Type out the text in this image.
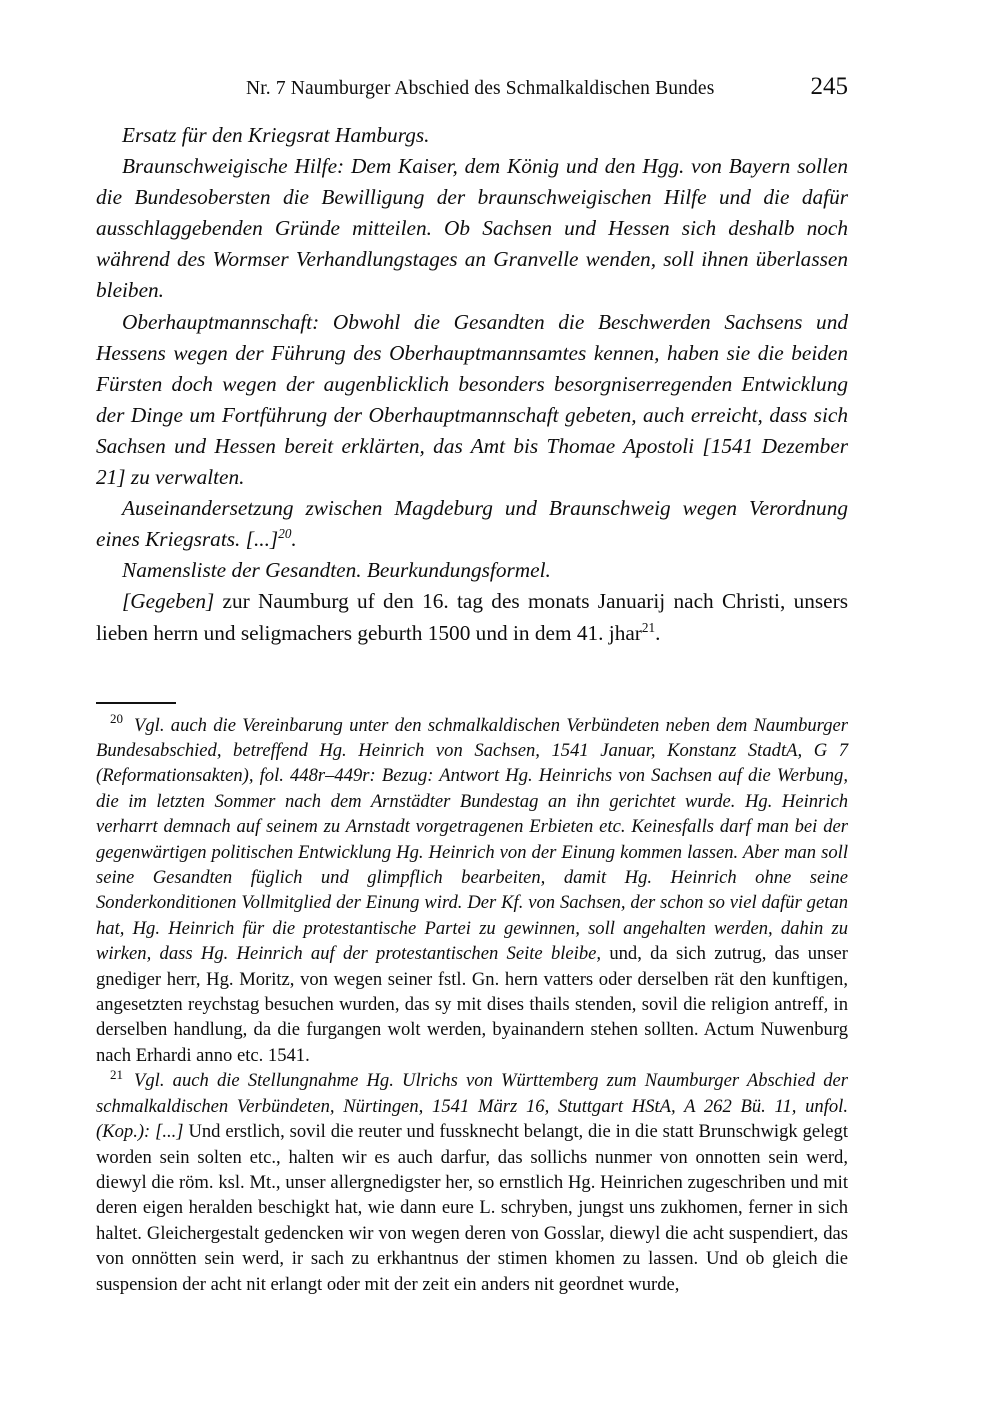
Nr. 7 Naumburger Abschied des Schmalkaldischen Bundes	245

Ersatz für den Kriegsrat Hamburgs.

Braunschweigische Hilfe: Dem Kaiser, dem König und den Hgg. von Bayern sollen die Bundesobersten die Bewilligung der braunschweigischen Hilfe und die dafür ausschlaggebenden Gründe mitteilen. Ob Sachsen und Hessen sich deshalb noch während des Wormser Verhandlungstages an Granvelle wenden, soll ihnen überlassen bleiben.

Oberhauptmannschaft: Obwohl die Gesandten die Beschwerden Sachsens und Hessens wegen der Führung des Oberhauptmannsamtes kennen, haben sie die beiden Fürsten doch wegen der augenblicklich besonders besorgniserregenden Entwicklung der Dinge um Fortführung der Oberhauptmannschaft gebeten, auch erreicht, dass sich Sachsen und Hessen bereit erklärten, das Amt bis Thomae Apostoli [1541 Dezember 21] zu verwalten.

Auseinandersetzung zwischen Magdeburg und Braunschweig wegen Verordnung eines Kriegsrats. [...]$^{20}$.

Namensliste der Gesandten. Beurkundungsformel.

[Gegeben] zur Naumburg uf den 16. tag des monats Januarij nach Christi, unsers lieben herrn und seligmachers geburth 1500 und in dem 41. jhar$^{21}$.

$^{20}$ Vgl. auch die Vereinbarung unter den schmalkaldischen Verbündeten neben dem Naumburger Bundesabschied, betreffend Hg. Heinrich von Sachsen, 1541 Januar, Konstanz StadtA, G 7 (Reformationsakten), fol. 448r–449r: Bezug: Antwort Hg. Heinrichs von Sachsen auf die Werbung, die im letzten Sommer nach dem Arnstädter Bundestag an ihn gerichtet wurde. Hg. Heinrich verharrt demnach auf seinem zu Arnstadt vorgetragenen Erbieten etc. Keinesfalls darf man bei der gegenwärtigen politischen Entwicklung Hg. Heinrich von der Einung kommen lassen. Aber man soll seine Gesandten füglich und glimpflich bearbeiten, damit Hg. Heinrich ohne seine Sonderkonditionen Vollmitglied der Einung wird. Der Kf. von Sachsen, der schon so viel dafür getan hat, Hg. Heinrich für die protestantische Partei zu gewinnen, soll angehalten werden, dahin zu wirken, dass Hg. Heinrich auf der protestantischen Seite bleibe, und, da sich zutrug, das unser gnediger herr, Hg. Moritz, von wegen seiner fstl. Gn. hern vatters oder derselben rät den kunftigen, angesetzten reychstag besuchen wurden, das sy mit dises thails stenden, sovil die religion antreff, in derselben handlung, da die furgangen wolt werden, byainandern stehen sollten. Actum Nuwenburg nach Erhardi anno etc. 1541.

$^{21}$ Vgl. auch die Stellungnahme Hg. Ulrichs von Württemberg zum Naumburger Abschied der schmalkaldischen Verbündeten, Nürtingen, 1541 März 16, Stuttgart HStA, A 262 Bü. 11, unfol. (Kop.): [...] Und erstlich, sovil die reuter und fussknecht belangt, die in die statt Brunschwigk gelegt worden sein solten etc., halten wir es auch darfur, das sollichs nunmer von onnotten sein werd, diewyl die röm. ksl. Mt., unser allergnedigster her, so ernstlich Hg. Heinrichen zugeschriben und mit deren eigen heralden beschigkt hat, wie dann eure L. schryben, jungst uns zukhomen, ferner in sich haltet. Gleichergestalt gedencken wir von wegen deren von Gosslar, diewyl die acht suspendiert, das von onnötten sein werd, ir sach zu erkhantnus der stimen khomen zu lassen. Und ob gleich die suspension der acht nit erlangt oder mit der zeit ein anders nit geordnet wurde,
